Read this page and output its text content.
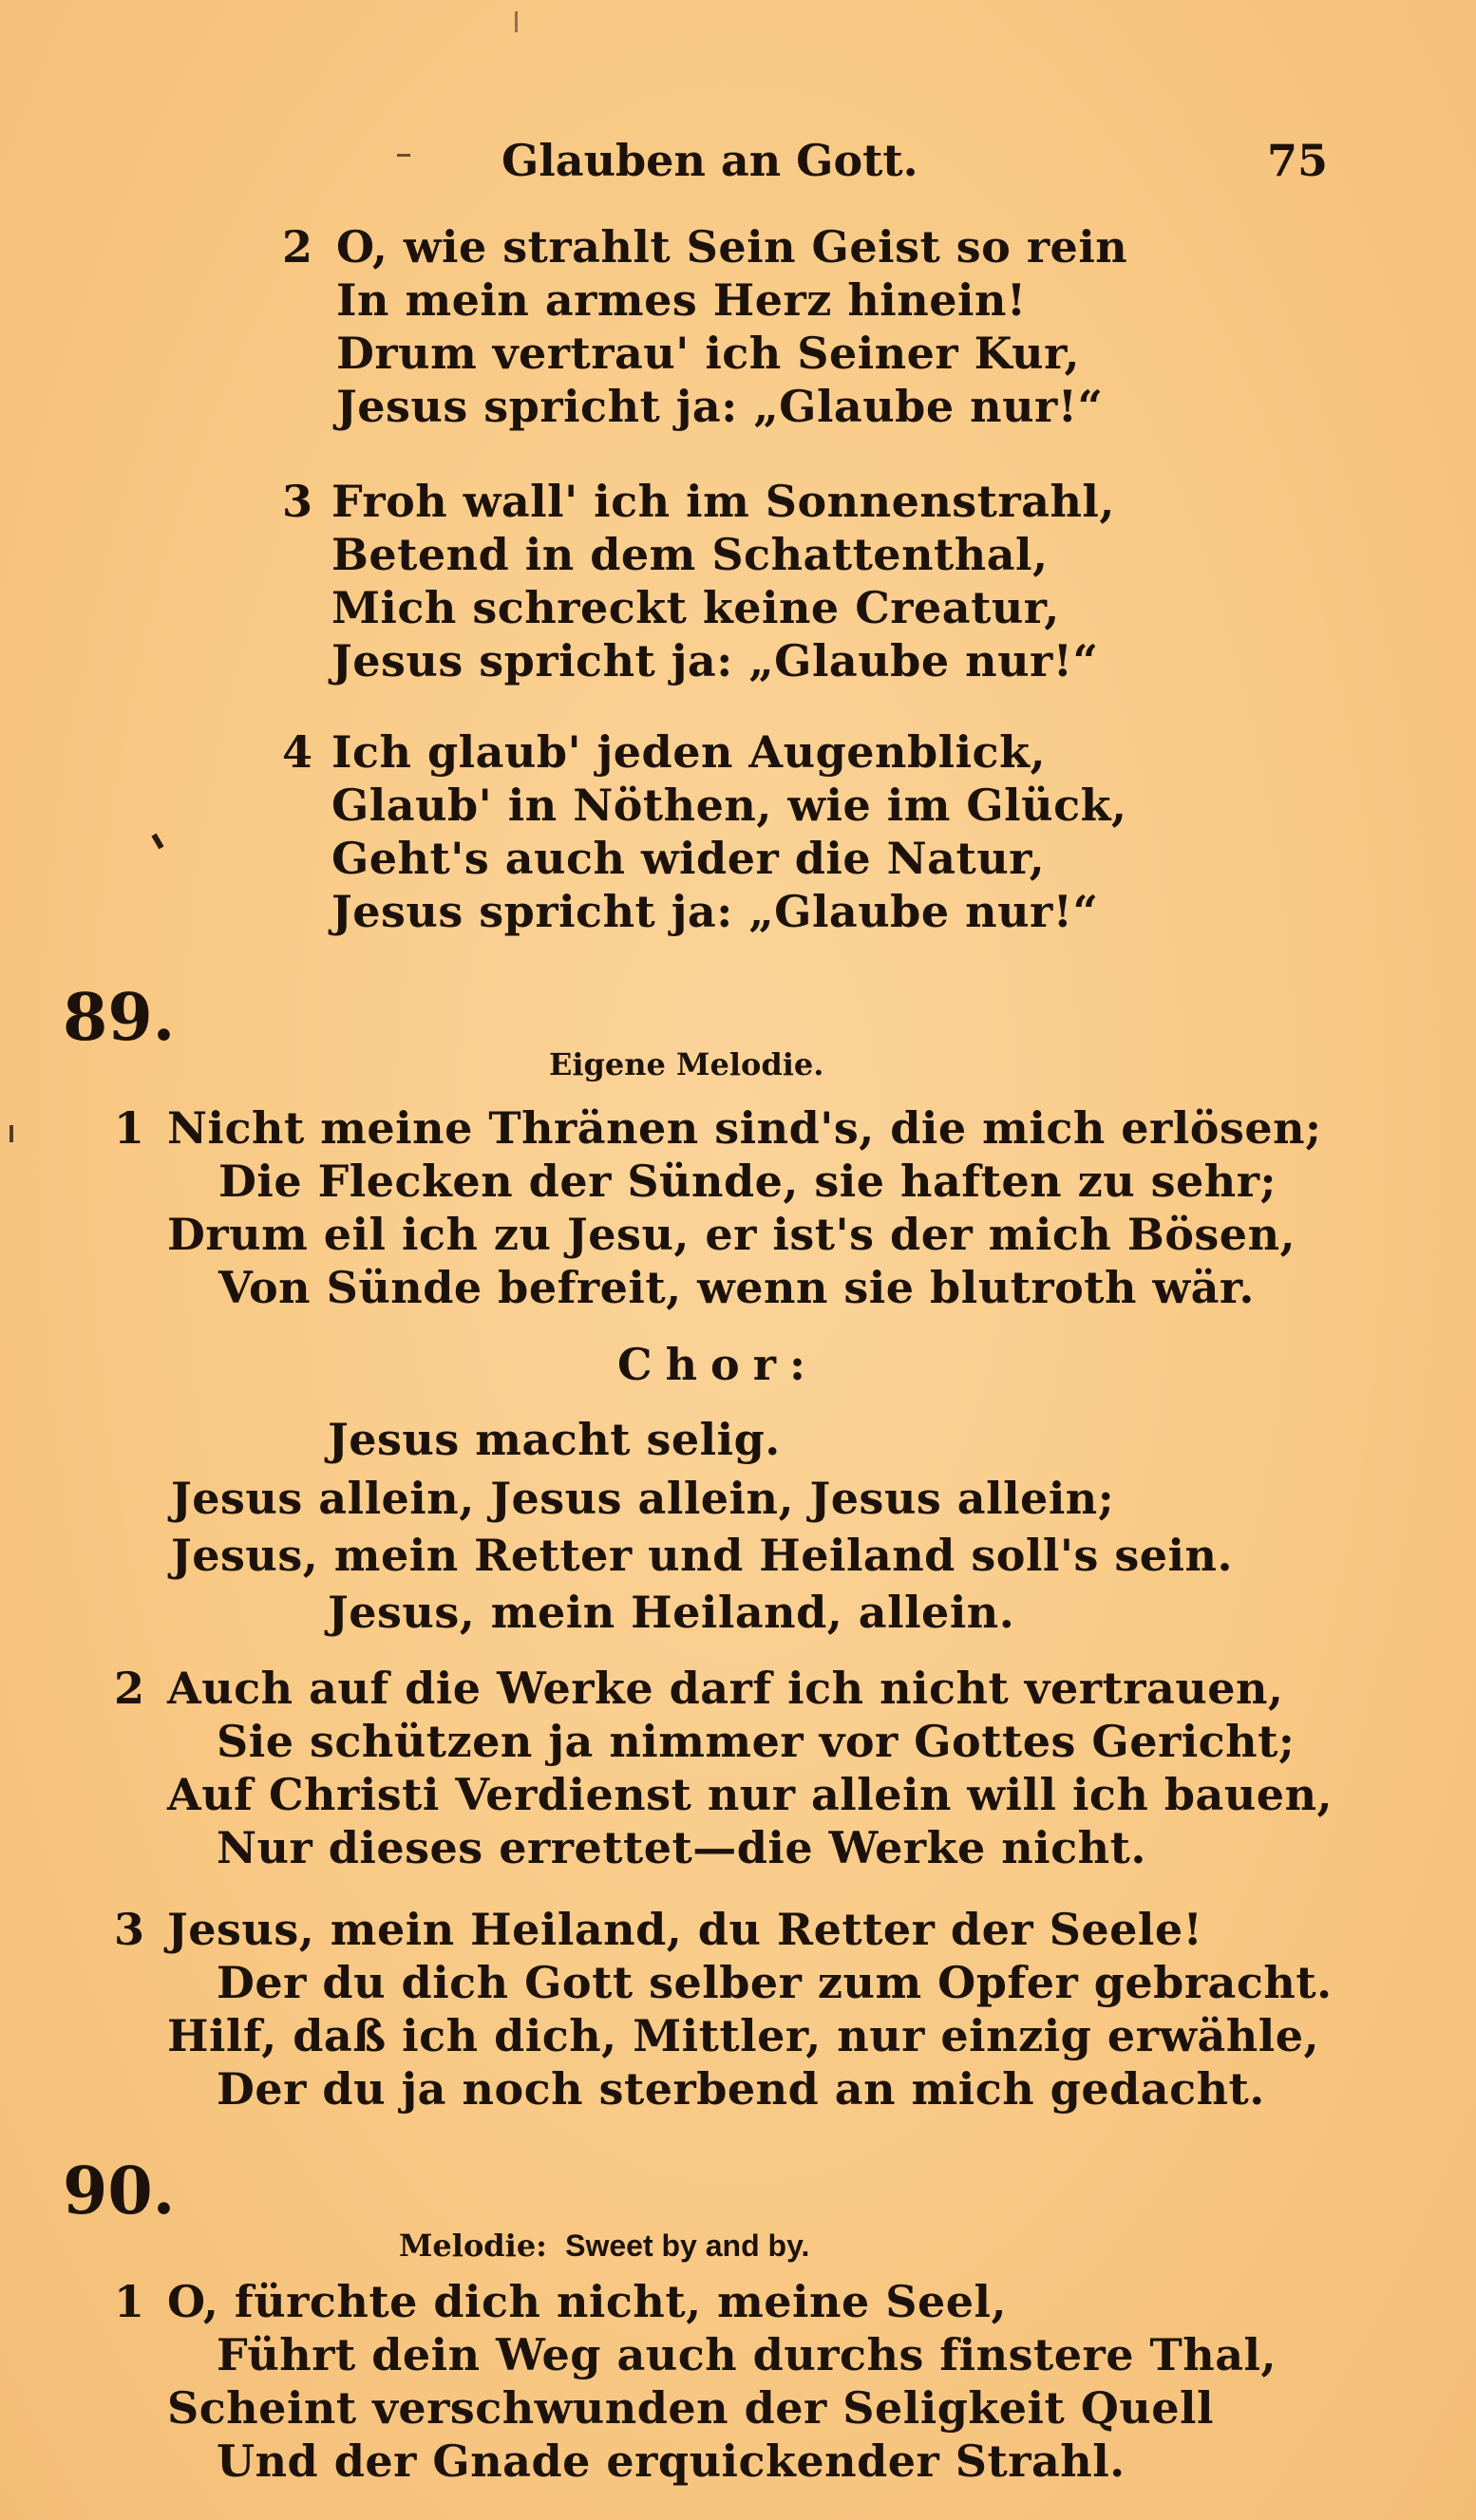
Glauben an Gott.	75
2 O, wie strahlt Sein Geist so rein
In mein armes Herz hinein!
Drum vertrau' ich Seiner Kur,
Jesus spricht ja: „Glaube nur!“
3 Froh wall' ich im Sonnenstrahl,
Betend in dem Schattenthal,
Mich schreckt keine Creatur,
Jesus spricht ja: „Glaube nur!“
4 Ich glaub' jeden Augenblick,
Glaub' in Nöthen, wie im Glück,
Geht's auch wider die Natur,
Jesus spricht ja: „Glaube nur!“
89.
Eigene Melodie.
1 Nicht meine Thränen sind's, die mich erlösen;
Die Flecken der Sünde, sie haften zu sehr;
Drum eil ich zu Jesu, er ist's der mich Bösen,
Von Sünde befreit, wenn sie blutroth wär.
Chor:
Jesus macht selig.
Jesus allein, Jesus allein, Jesus allein;
Jesus, mein Retter und Heiland soll's sein.
Jesus, mein Heiland, allein.
2 Auch auf die Werke darf ich nicht vertrauen,
Sie schützen ja nimmer vor Gottes Gericht;
Auf Christi Verdienst nur allein will ich bauen,
Nur dieses errettet—die Werke nicht.
3 Jesus, mein Heiland, du Retter der Seele!
Der du dich Gott selber zum Opfer gebracht.
Hilf, daß ich dich, Mittler, nur einzig erwähle,
Der du ja noch sterbend an mich gedacht.
90.
Melodie: Sweet by and by.
1 O, fürchte dich nicht, meine Seel,
Führt dein Weg auch durchs finstere Thal,
Scheint verschwunden der Seligkeit Quell
Und der Gnade erquickender Strahl.
